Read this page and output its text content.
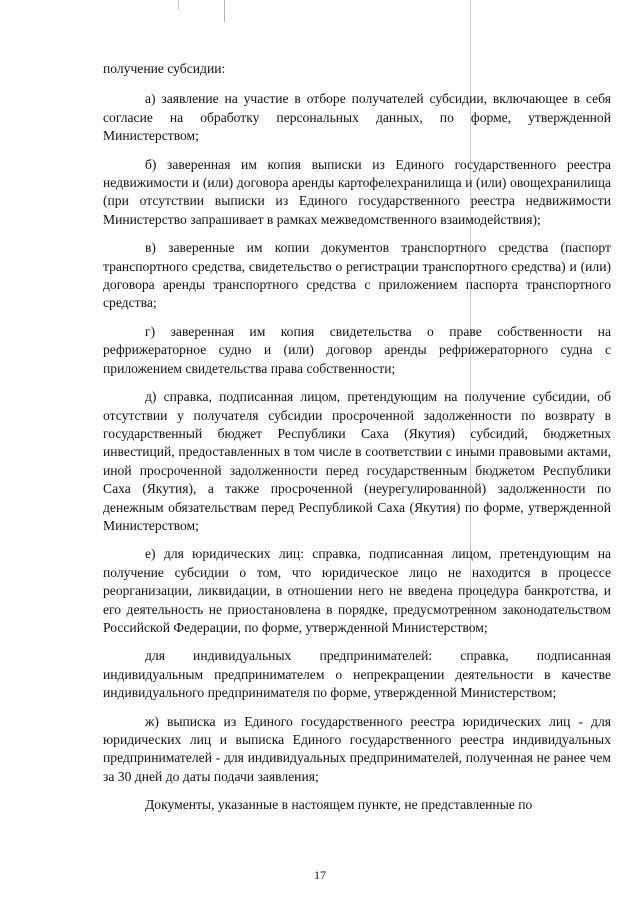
получение субсидии:

а) заявление на участие в отборе получателей субсидии, включающее в себя согласие на обработку персональных данных, по форме, утвержденной Министерством;

б) заверенная им копия выписки из Единого государственного реестра недвижимости и (или) договора аренды картофелехранилища и (или) овощехранилища (при отсутствии выписки из Единого государственного реестра недвижимости Министерство запрашивает в рамках межведомственного взаимодействия);

в) заверенные им копии документов транспортного средства (паспорт транспортного средства, свидетельство о регистрации транспортного средства) и (или) договора аренды транспортного средства с приложением паспорта транспортного средства;

г) заверенная им копия свидетельства о праве собственности на рефрижераторное судно и (или) договор аренды рефрижераторного судна с приложением свидетельства права собственности;

д) справка, подписанная лицом, претендующим на получение субсидии, об отсутствии у получателя субсидии просроченной задолженности по возврату в государственный бюджет Республики Саха (Якутия) субсидий, бюджетных инвестиций, предоставленных в том числе в соответствии с иными правовыми актами, иной просроченной задолженности перед государственным бюджетом Республики Саха (Якутия), а также просроченной (неурегулированной) задолженности по денежным обязательствам перед Республикой Саха (Якутия) по форме, утвержденной Министерством;

е) для юридических лиц: справка, подписанная лицом, претендующим на получение субсидии о том, что юридическое лицо не находится в процессе реорганизации, ликвидации, в отношении него не введена процедура банкротства, и его деятельность не приостановлена в порядке, предусмотренном законодательством Российской Федерации, по форме, утвержденной Министерством;

для индивидуальных предпринимателей: справка, подписанная индивидуальным предпринимателем о непрекращении деятельности в качестве индивидуального предпринимателя по форме, утвержденной Министерством;

ж) выписка из Единого государственного реестра юридических лиц - для юридических лиц и выписка Единого государственного реестра индивидуальных предпринимателей - для индивидуальных предпринимателей, полученная не ранее чем за 30 дней до даты подачи заявления;

Документы, указанные в настоящем пункте, не представленные по

17
